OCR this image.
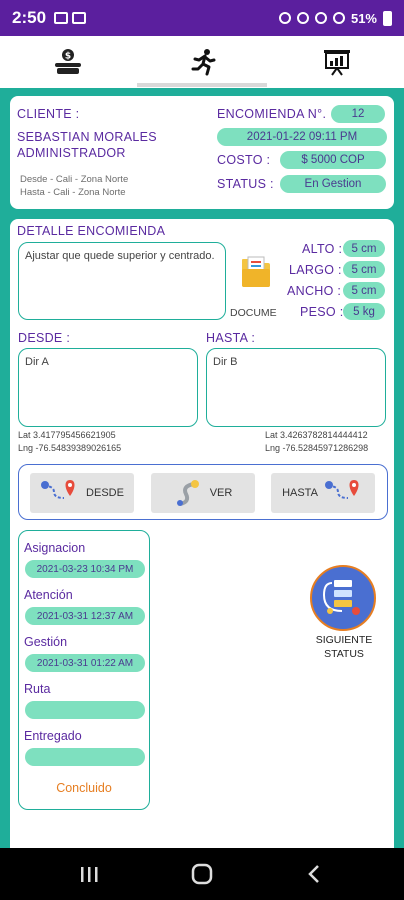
2:50	51%
$
CLIENTE :
SEBASTIAN MORALES
ADMINISTRADOR
Desde - Cali - Zona Norte
Hasta - Cali - Zona Norte
ENCOMIENDA N°.	12
2021-01-22 09:11 PM
COSTO :	$ 5000 COP
STATUS :	En Gestion
DETALLE ENCOMIENDA
Ajustar que quede superior y centrado.
DOCUME
ALTO : 5 cm
LARGO : 5 cm
ANCHO : 5 cm
PESO : 5 kg
DESDE :
Dir A
HASTA :
Dir B
Lat 3.417795456621905
Lng -76.54839389026165
Lat 3.4263782814444412
Lng -76.52845971286298
DESDE	VER	HASTA
Asignacion
2021-03-23 10:34 PM
Atención
2021-03-31 12:37 AM
Gestión
2021-03-31 01:22 AM
Ruta
Entregado
Concluido
SIGUIENTE
STATUS
